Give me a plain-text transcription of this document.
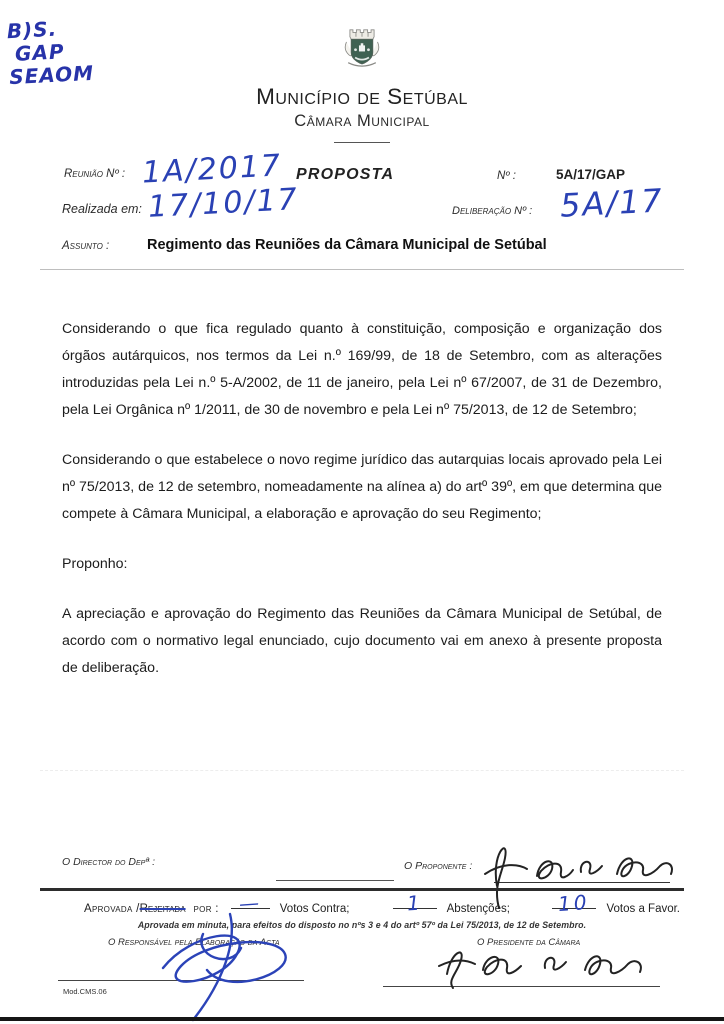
B)S.
GAP
SEAOM
Município de Setúbal
Câmara Municipal
Reunião Nº : 1A/2017 PROPOSTA	Nº :	5A/17/GAP
Realizada em: 17/10/17	Deliberação Nº : 5A/17
Assunto :	Regimento das Reuniões da Câmara Municipal de Setúbal

Considerando o que fica regulado quanto à constituição, composição e organização dos órgãos autárquicos, nos termos da Lei n.º 169/99, de 18 de Setembro, com as alterações introduzidas pela Lei n.º 5-A/2002, de 11 de janeiro, pela Lei nº 67/2007, de 31 de Dezembro, pela Lei Orgânica nº 1/2011, de 30 de novembro e pela Lei nº 75/2013, de 12 de Setembro;

Considerando o que estabelece o novo regime jurídico das autarquias locais aprovado pela Lei nº 75/2013, de 12 de setembro, nomeadamente na alínea a) do artº 39º, em que determina que compete à Câmara Municipal, a elaboração e aprovação do seu Regimento;

Proponho:

A apreciação e aprovação do Regimento das Reuniões da Câmara Municipal de Setúbal, de acordo com o normativo legal enunciado, cujo documento vai em anexo à presente proposta de deliberação.

O Director do Depª :	O Proponente :
Aprovada / Rejeitada por : —	Votos Contra;	1	Abstenções; 10	Votos a Favor.
Aprovada em minuta, para efeitos do disposto no nºs 3 e 4 do artº 57º da Lei 75/2013, de 12 de Setembro.
O Responsável pela Elaboração da Acta	O Presidente da Câmara
Mod.CMS.06
